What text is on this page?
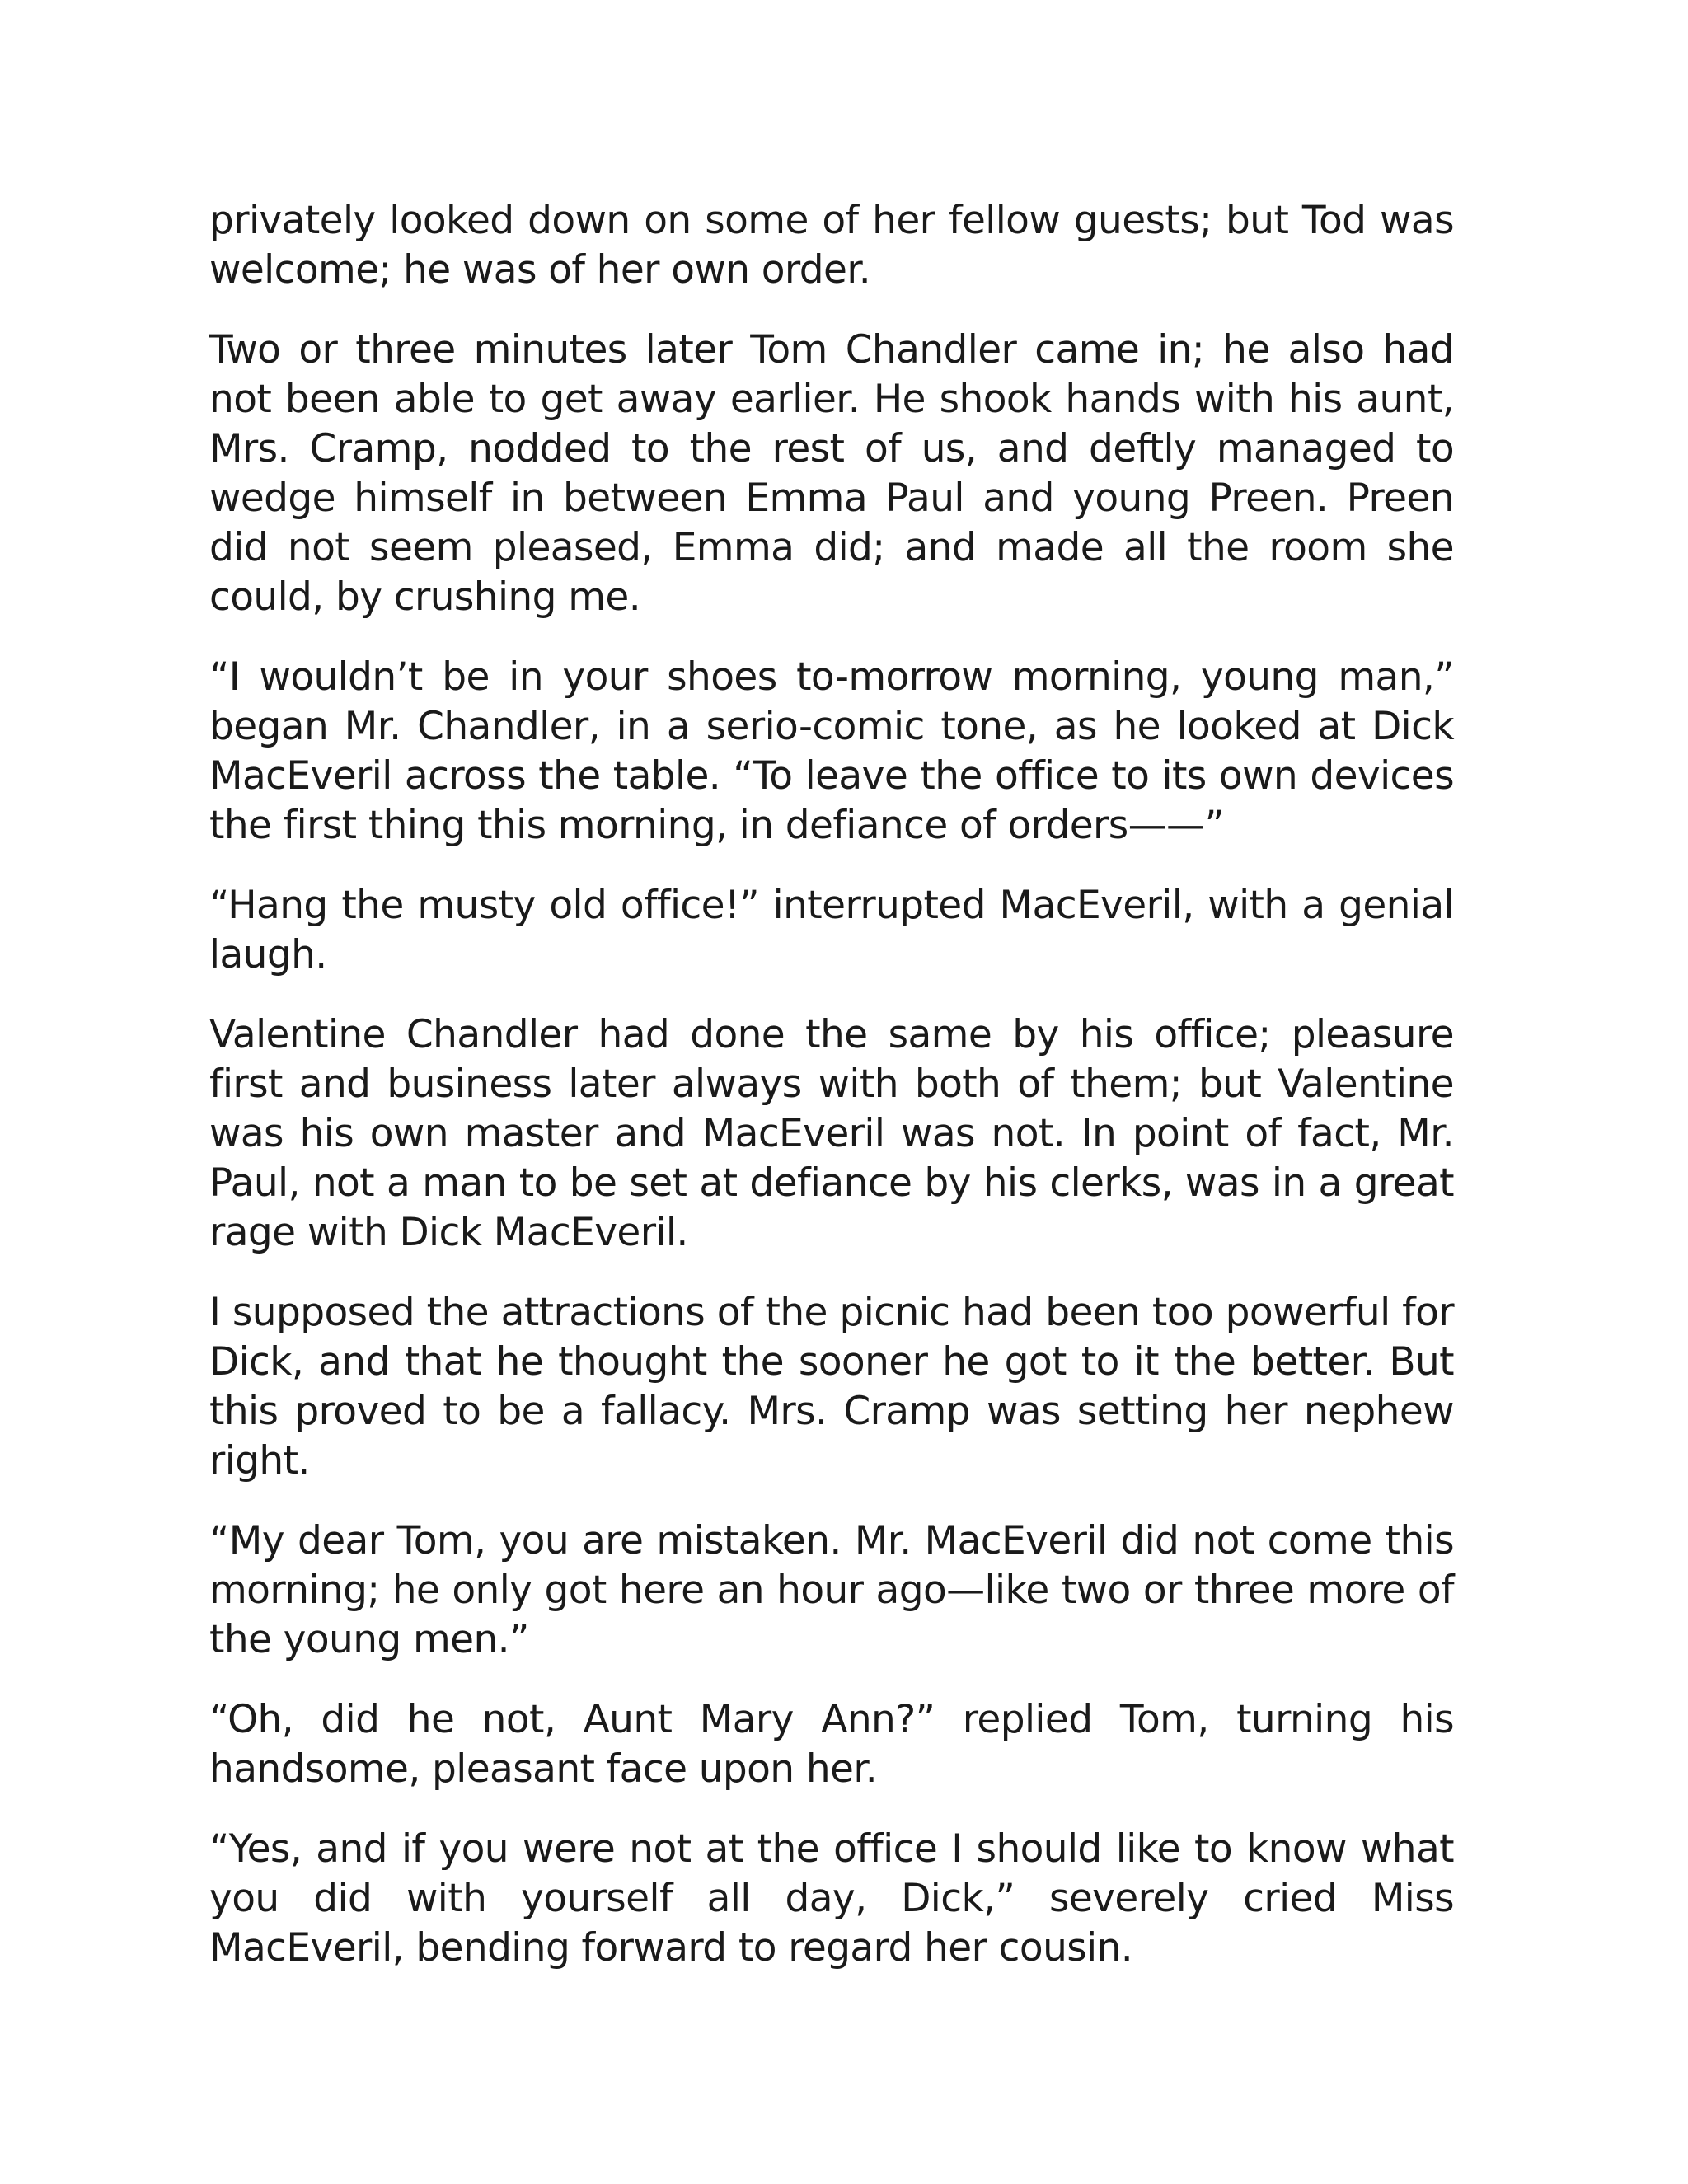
privately looked down on some of her fellow guests; but Tod was welcome; he was of her own order.

Two or three minutes later Tom Chandler came in; he also had not been able to get away earlier. He shook hands with his aunt, Mrs. Cramp, nodded to the rest of us, and deftly managed to wedge himself in between Emma Paul and young Preen. Preen did not seem pleased, Emma did; and made all the room she could, by crushing me.

“I wouldn’t be in your shoes to-morrow morning, young man,” began Mr. Chandler, in a serio-comic tone, as he looked at Dick MacEveril across the table. “To leave the office to its own devices the first thing this morning, in defiance of orders——”

“Hang the musty old office!” interrupted MacEveril, with a genial laugh.

Valentine Chandler had done the same by his office; pleasure first and business later always with both of them; but Valentine was his own master and MacEveril was not. In point of fact, Mr. Paul, not a man to be set at defiance by his clerks, was in a great rage with Dick MacEveril.

I supposed the attractions of the picnic had been too powerful for Dick, and that he thought the sooner he got to it the better. But this proved to be a fallacy. Mrs. Cramp was setting her nephew right.

“My dear Tom, you are mistaken. Mr. MacEveril did not come this morning; he only got here an hour ago—like two or three more of the young men.”

“Oh, did he not, Aunt Mary Ann?” replied Tom, turning his handsome, pleasant face upon her.

“Yes, and if you were not at the office I should like to know what you did with yourself all day, Dick,” severely cried Miss MacEveril, bending forward to regard her cousin.
